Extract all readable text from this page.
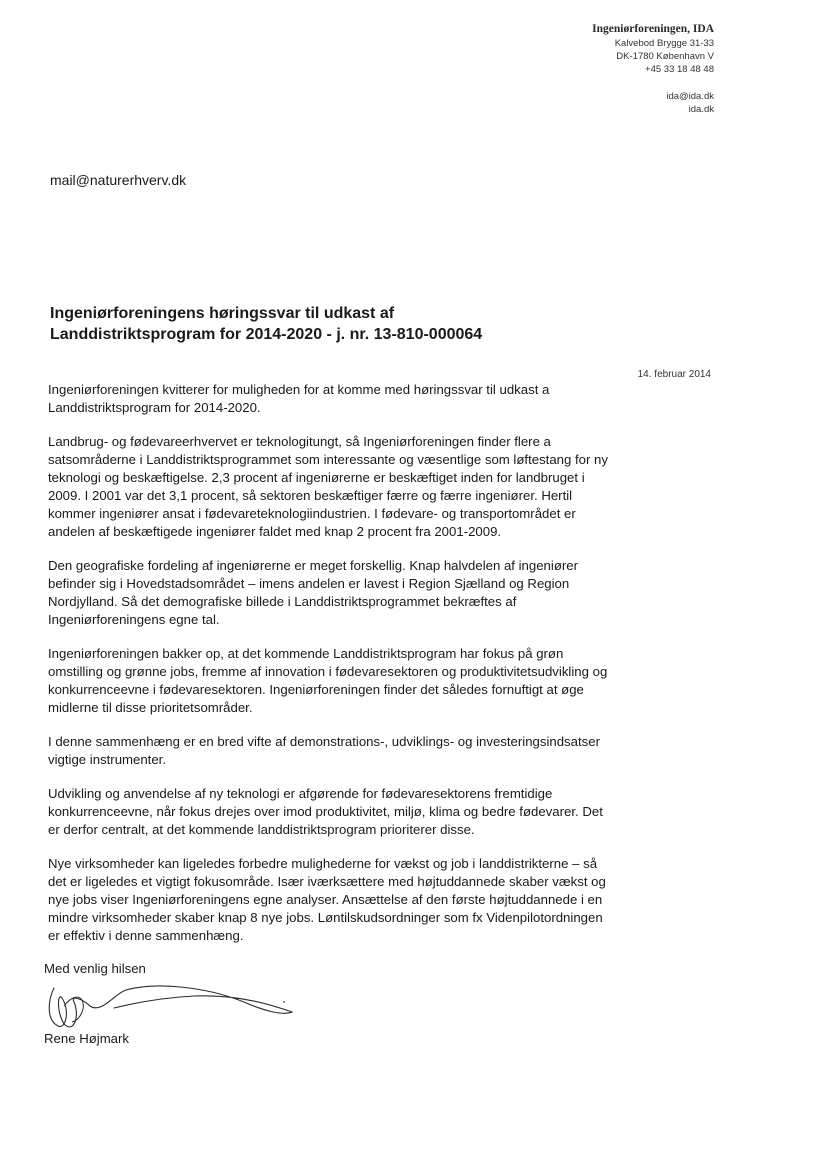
Ingeniørforeningen, IDA
Kalvebod Brygge 31-33
DK-1780 København V
+45 33 18 48 48
ida@ida.dk
ida.dk
mail@naturerhverv.dk
Ingeniørforeningens høringssvar til udkast af Landdistriktsprogram for 2014-2020 - j. nr. 13-810-000064
14. februar 2014

Ingeniørforeningen kvitterer for muligheden for at komme med høringssvar til udkast a Landdistriktsprogram for 2014-2020.

Landbrug- og fødevareerhvervet er teknologitungt, så Ingeniørforeningen finder flere a satsområderne i Landdistriktsprogrammet som interessante og væsentlige som løftestang for ny teknologi og beskæftigelse. 2,3 procent af ingeniørerne er beskæftiget inden for landbruget i 2009. I 2001 var det 3,1 procent, så sektoren beskæftiger færre og færre ingeniører. Hertil kommer ingeniører ansat i fødevareteknologiindustrien. I fødevare- og transportområdet er andelen af beskæftigede ingeniører faldet med knap 2 procent fra 2001-2009.

Den geografiske fordeling af ingeniørerne er meget forskellig. Knap halvdelen af ingeniører befinder sig i Hovedstadsområdet – imens andelen er lavest i Region Sjælland og Region Nordjylland. Så det demografiske billede i Landdistriktsprogrammet bekræftes af Ingeniørforeningens egne tal.

Ingeniørforeningen bakker op, at det kommende Landdistriktsprogram har fokus på grøn omstilling og grønne jobs, fremme af innovation i fødevaresektoren og produktivitetsudvikling og konkurrenceevne i fødevaresektoren. Ingeniørforeningen finder det således fornuftigt at øge midlerne til disse prioritetsområder.

I denne sammenhæng er en bred vifte af demonstrations-, udviklings- og investeringsindsatser vigtige instrumenter.

Udvikling og anvendelse af ny teknologi er afgørende for fødevaresektorens fremtidige konkurrenceevne, når fokus drejes over imod produktivitet, miljø, klima og bedre fødevarer. Det er derfor centralt, at det kommende landdistriktsprogram prioriterer disse.

Nye virksomheder kan ligeledes forbedre mulighederne for vækst og job i landdistrikterne – så det er ligeledes et vigtigt fokusområde. Især iværksættere med højtuddannede skaber vækst og nye jobs viser Ingeniørforeningens egne analyser. Ansættelse af den første højtuddannede i en mindre virksomheder skaber knap 8 nye jobs. Løntilskudsordninger som fx Videnpilotordningen er effektiv i denne sammenhæng.

Med venlig hilsen
Rene Højmark
